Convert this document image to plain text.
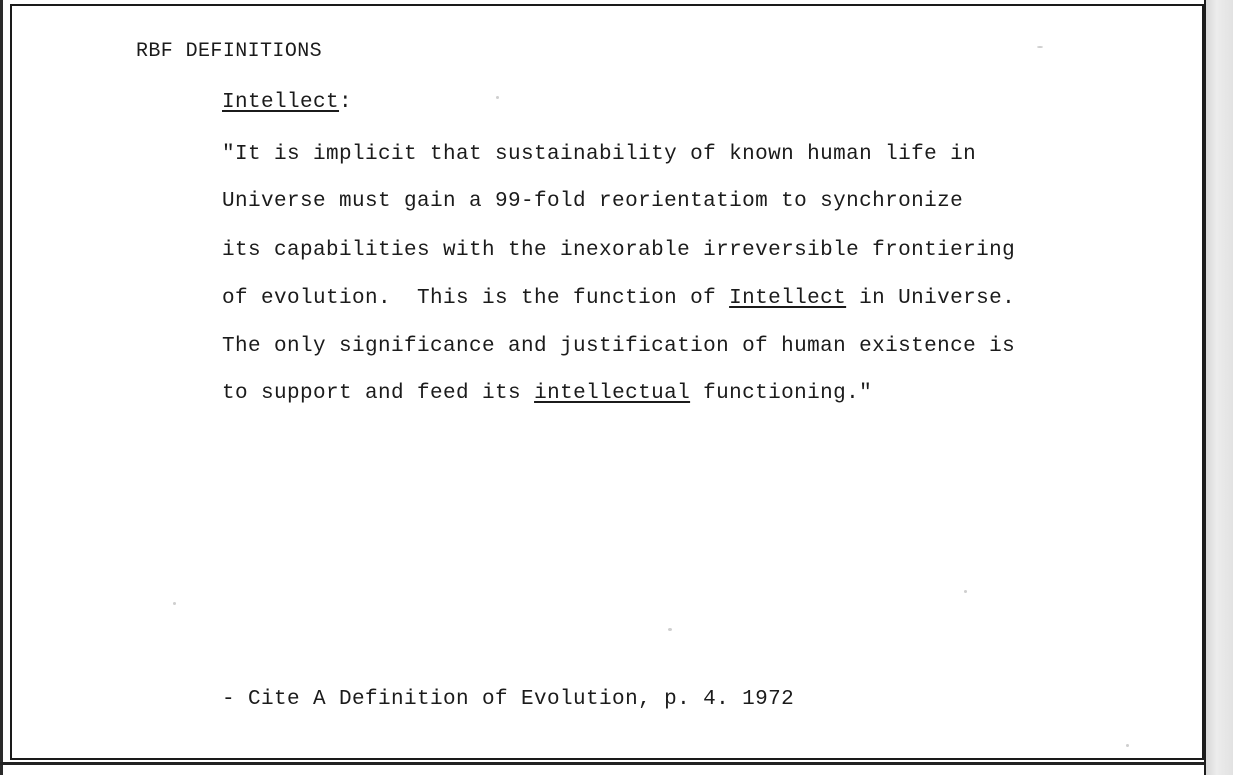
RBF DEFINITIONS
Intellect:
"It is implicit that sustainability of known human life in
Universe must gain a 99-fold reorientatiom to synchronize
its capabilities with the inexorable irreversible frontiering
of evolution.  This is the function of Intellect in Universe.
The only significance and justification of human existence is
to support and feed its intellectual functioning."
- Cite A Definition of Evolution, p. 4. 1972
